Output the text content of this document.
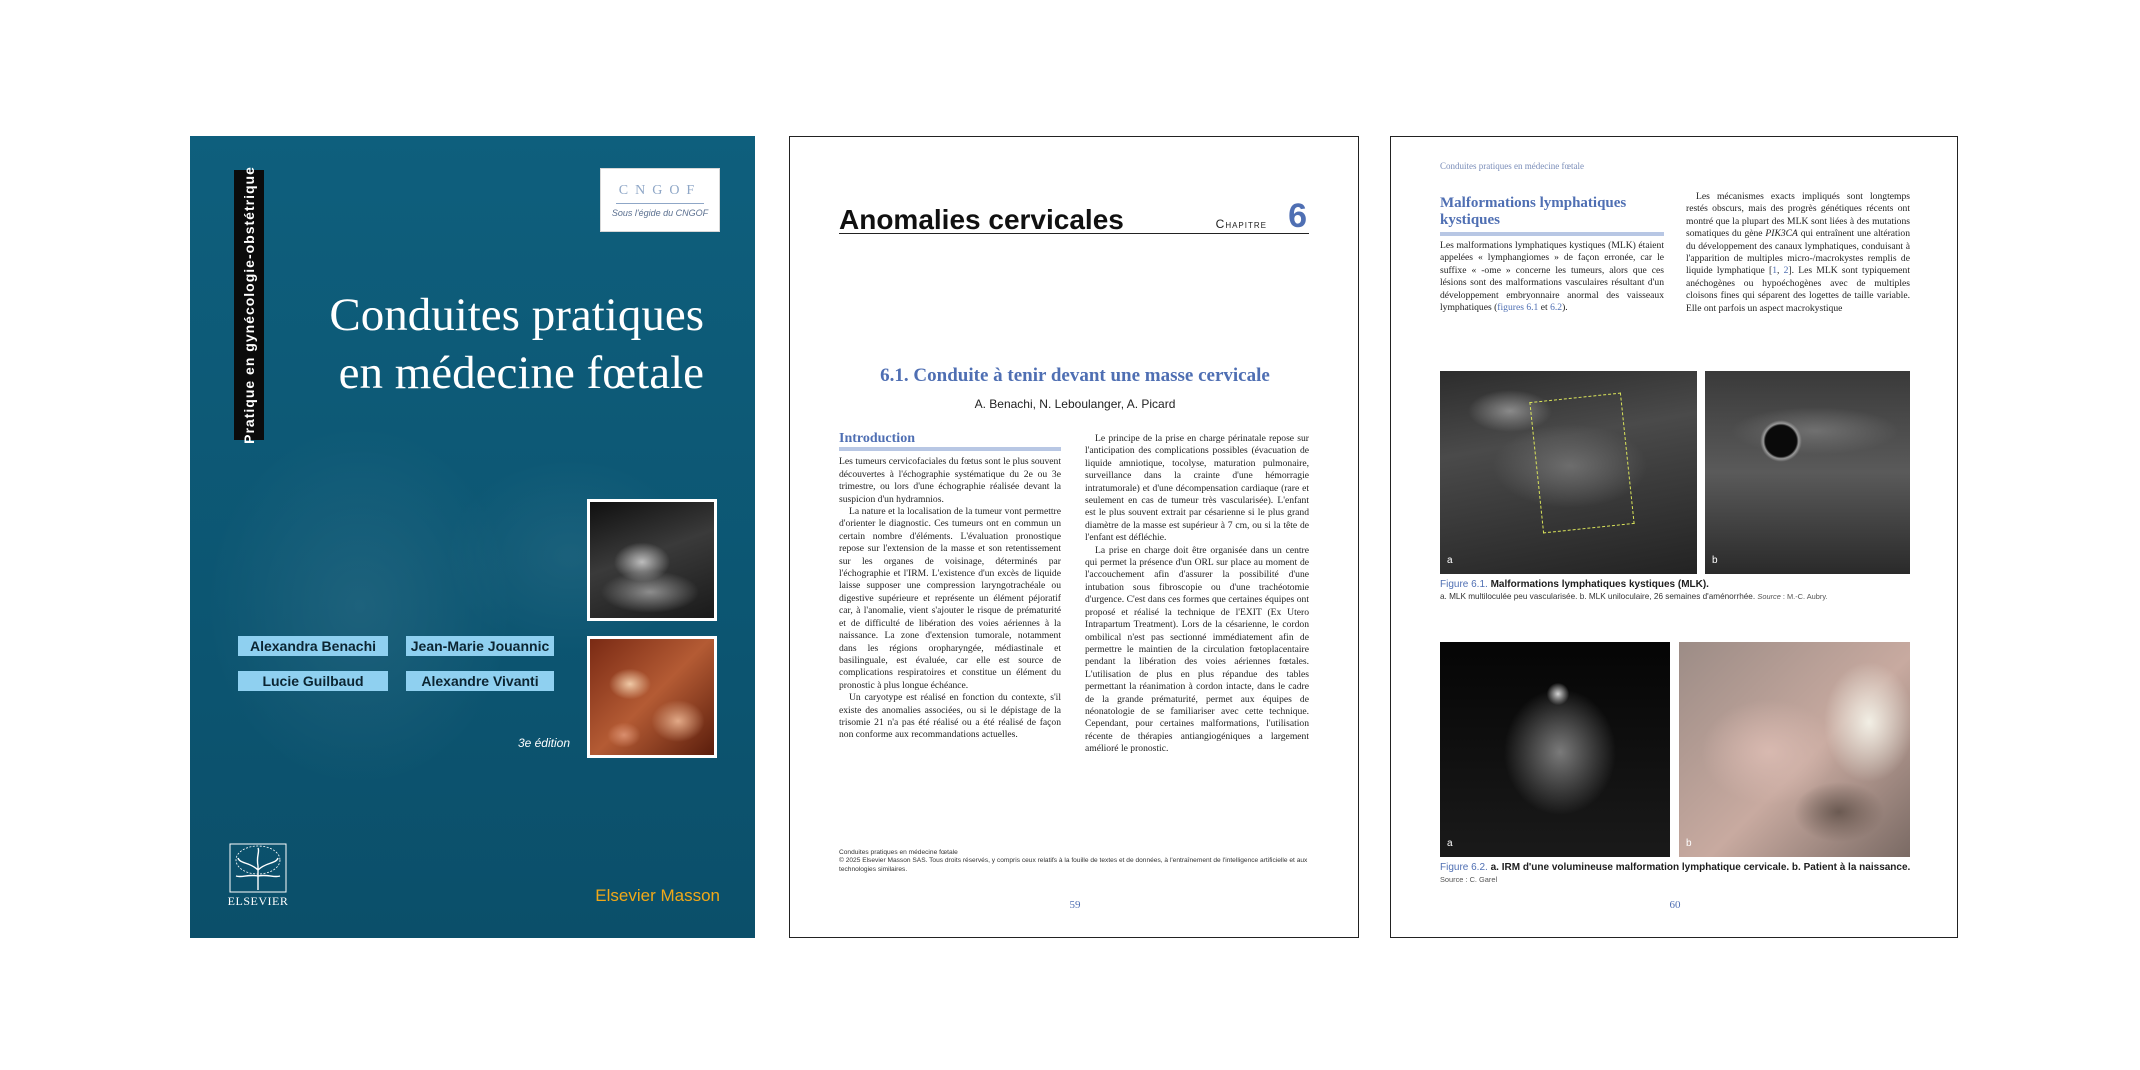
Pratique en gynécologie-obstétrique	CNGOF
Sous l'égide du CNGOF
Conduites pratiques en médecine fœtale
Alexandra Benachi	Jean-Marie Jouannic
Lucie Guilbaud	Alexandre Vivanti
3e édition
ELSEVIER	Elsevier Masson
Anomalies cervicales	Chapitre 6
6.1. Conduite à tenir devant une masse cervicale
A. Benachi, N. Leboulanger, A. Picard
Introduction

Les tumeurs cervicofaciales du fœtus sont le plus souvent découvertes à l'échographie systématique du 2e ou 3e trimestre, ou lors d'une échographie réalisée devant la suspicion d'un hydramnios.

La nature et la localisation de la tumeur vont permettre d'orienter le diagnostic. Ces tumeurs ont en commun un certain nombre d'éléments. L'évaluation pronostique repose sur l'extension de la masse et son retentissement sur les organes de voisinage, déterminés par l'échographie et l'IRM. L'existence d'un excès de liquide laisse supposer une compression laryngotrachéale ou digestive supérieure et représente un élément péjoratif car, à l'anomalie, vient s'ajouter le risque de prématurité et de difficulté de libération des voies aériennes à la naissance. La zone d'extension tumorale, notamment dans les régions oropharyngée, médiastinale et basilinguale, est évaluée, car elle est source de complications respiratoires et constitue un élément du pronostic à plus longue échéance.

Un caryotype est réalisé en fonction du contexte, s'il existe des anomalies associées, ou si le dépistage de la trisomie 21 n'a pas été réalisé ou a été réalisé de façon non conforme aux recommandations actuelles.

Le principe de la prise en charge périnatale repose sur l'anticipation des complications possibles (évacuation de liquide amniotique, tocolyse, maturation pulmonaire, surveillance dans la crainte d'une hémorragie intratumorale) et d'une décompensation cardiaque (rare et seulement en cas de tumeur très vascularisée). L'enfant est le plus souvent extrait par césarienne si le plus grand diamètre de la masse est supérieur à 7 cm, ou si la tête de l'enfant est défléchie.

La prise en charge doit être organisée dans un centre qui permet la présence d'un ORL sur place au moment de l'accouchement afin d'assurer la possibilité d'une intubation sous fibroscopie ou d'une trachéotomie d'urgence. C'est dans ces formes que certaines équipes ont proposé et réalisé la technique de l'EXIT (Ex Utero Intrapartum Treatment). Lors de la césarienne, le cordon ombilical n'est pas sectionné immédiatement afin de permettre le maintien de la circulation fœtoplacentaire pendant la libération des voies aériennes fœtales. L'utilisation de plus en plus répandue des tables permettant la réanimation à cordon intacte, dans le cadre de la grande prématurité, permet aux équipes de néonatologie de se familiariser avec cette technique. Cependant, pour certaines malformations, l'utilisation récente de thérapies antiangiogéniques a largement amélioré le pronostic.

Conduites pratiques en médecine fœtale
© 2025 Elsevier Masson SAS. Tous droits réservés, y compris ceux relatifs à la fouille de textes et de données, à l'entraînement de l'intelligence artificielle et aux technologies similaires.
59
Conduites pratiques en médecine fœtale
Malformations lymphatiques kystiques

Les malformations lymphatiques kystiques (MLK) étaient appelées « lymphangiomes » de façon erronée, car le suffixe « -ome » concerne les tumeurs, alors que ces lésions sont des malformations vasculaires résultant d'un développement embryonnaire anormal des vaisseaux lymphatiques (figures 6.1 et 6.2).

Les mécanismes exacts impliqués sont longtemps restés obscurs, mais des progrès génétiques récents ont montré que la plupart des MLK sont liées à des mutations somatiques du gène PIK3CA qui entraînent une altération du développement des canaux lymphatiques, conduisant à l'apparition de multiples micro-/macrokystes remplis de liquide lymphatique [1, 2]. Les MLK sont typiquement anéchogènes ou hypoéchogènes avec de multiples cloisons fines qui séparent des logettes de taille variable. Elle ont parfois un aspect macrokystique

a	b
Figure 6.1. Malformations lymphatiques kystiques (MLK).
a. MLK multiloculée peu vascularisée. b. MLK uniloculaire, 26 semaines d'aménorrhée. Source : M.-C. Aubry.
a	b
Figure 6.2. a. IRM d'une volumineuse malformation lymphatique cervicale. b. Patient à la naissance.
Source : C. Garel
60
